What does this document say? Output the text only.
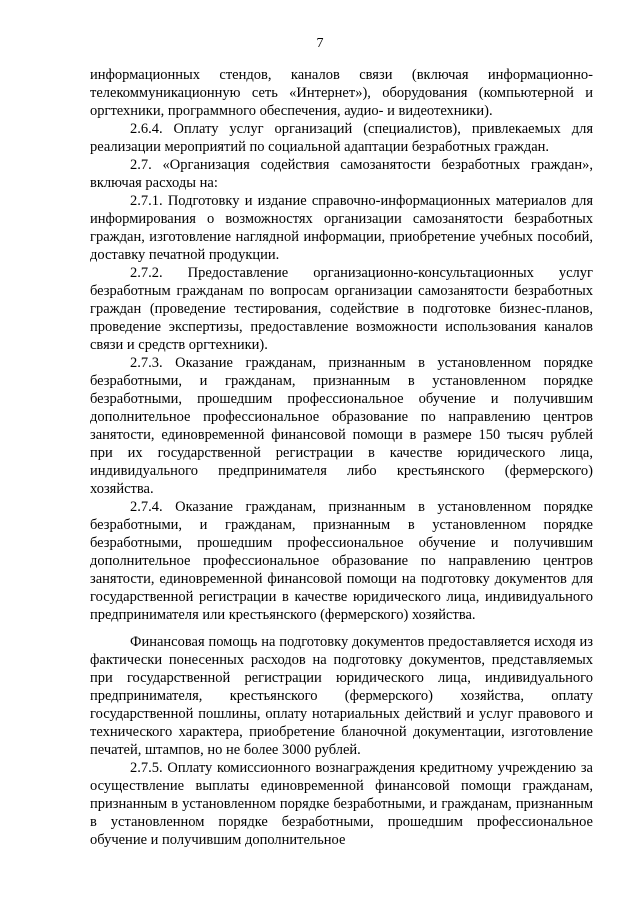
7

информационных стендов, каналов связи (включая информационно-телекоммуникационную сеть «Интернет»), оборудования (компьютерной и оргтехники, программного обеспечения, аудио- и видеотехники).

2.6.4. Оплату услуг организаций (специалистов), привлекаемых для реализации мероприятий по социальной адаптации безработных граждан.

2.7. «Организация содействия самозанятости безработных граждан», включая расходы на:

2.7.1. Подготовку и издание справочно-информационных материалов для информирования о возможностях организации самозанятости безработных граждан, изготовление наглядной информации, приобретение учебных пособий, доставку печатной продукции.

2.7.2. Предоставление организационно-консультационных услуг безработным гражданам по вопросам организации самозанятости безработных граждан (проведение тестирования, содействие в подготовке бизнес-планов, проведение экспертизы, предоставление возможности использования каналов связи и средств оргтехники).

2.7.3. Оказание гражданам, признанным в установленном порядке безработными, и гражданам, признанным в установленном порядке безработными, прошедшим профессиональное обучение и получившим дополнительное профессиональное образование по направлению центров занятости, единовременной финансовой помощи в размере 150 тысяч рублей при их государственной регистрации в качестве юридического лица, индивидуального предпринимателя либо крестьянского (фермерского) хозяйства.

2.7.4. Оказание гражданам, признанным в установленном порядке безработными, и гражданам, признанным в установленном порядке безработными, прошедшим профессиональное обучение и получившим дополнительное профессиональное образование по направлению центров занятости, единовременной финансовой помощи на подготовку документов для государственной регистрации в качестве юридического лица, индивидуального предпринимателя или крестьянского (фермерского) хозяйства.

Финансовая помощь на подготовку документов предоставляется исходя из фактически понесенных расходов на подготовку документов, представляемых при государственной регистрации юридического лица, индивидуального предпринимателя, крестьянского (фермерского) хозяйства, оплату государственной пошлины, оплату нотариальных действий и услуг правового и технического характера, приобретение бланочной документации, изготовление печатей, штампов, но не более 3000 рублей.

2.7.5. Оплату комиссионного вознаграждения кредитному учреждению за осуществление выплаты единовременной финансовой помощи гражданам, признанным в установленном порядке безработными, и гражданам, признанным в установленном порядке безработными, прошедшим профессиональное обучение и получившим дополнительное
